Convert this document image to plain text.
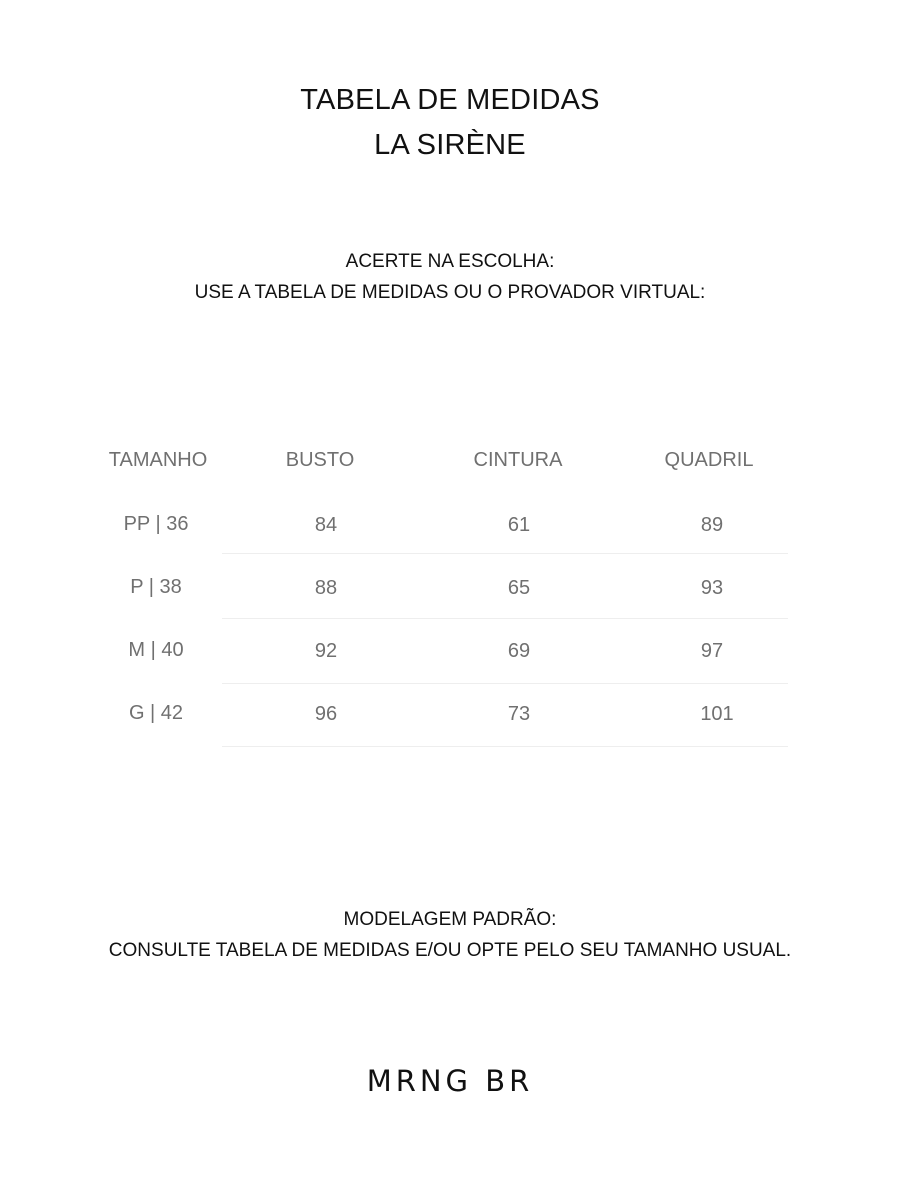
TABELA DE MEDIDAS
LA SIRÈNE
ACERTE NA ESCOLHA:
USE A TABELA DE MEDIDAS OU O PROVADOR VIRTUAL:
TAMANHO	BUSTO	CINTURA	QUADRIL
PP | 36	84	61	89
P | 38	88	65	93
M | 40	92	69	97
G | 42	96	73	101
MODELAGEM PADRÃO:
CONSULTE TABELA DE MEDIDAS E/OU OPTE PELO SEU TAMANHO USUAL.
MRNG BR
